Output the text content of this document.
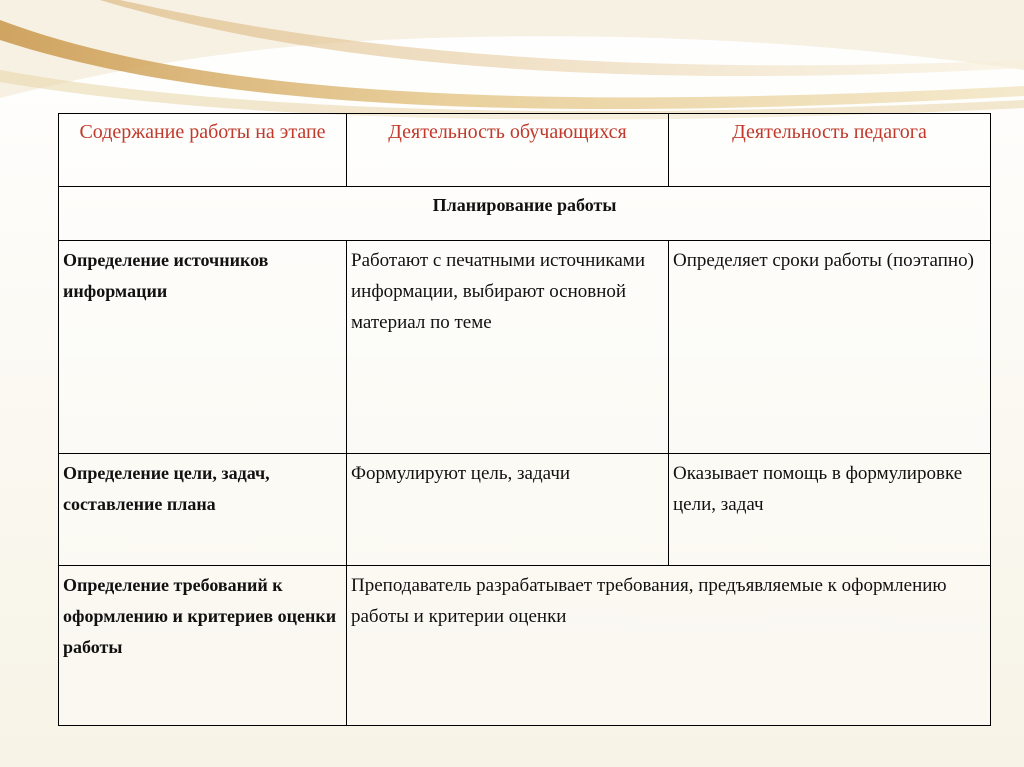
Содержание работы на этапе	Деятельность обучающихся	Деятельность педагога
Планирование работы		
Определение источников информации	Работают с печатными источниками информации, выбирают основной материал по теме	Определяет сроки работы (поэтапно)
Определение цели, задач, составление плана	Формулируют цель, задачи	Оказывает помощь в формулировке цели, задач
Определение требований к оформлению и критериев оценки работы	Преподаватель разрабатывает требования, предъявляемые к оформлению работы и критерии оценки	
